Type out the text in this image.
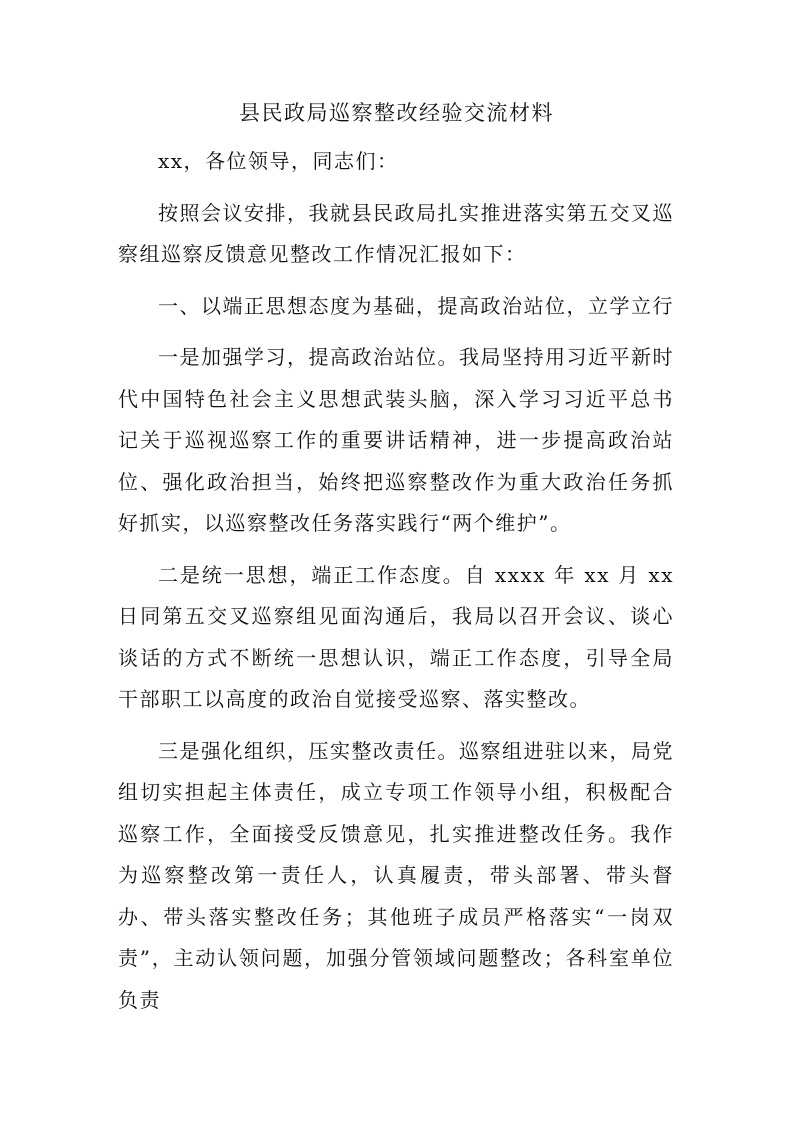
县民政局巡察整改经验交流材料

xx，各位领导，同志们：

按照会议安排，我就县民政局扎实推进落实第五交叉巡察组巡察反馈意见整改工作情况汇报如下：

一、以端正思想态度为基础，提高政治站位，立学立行

一是加强学习，提高政治站位。我局坚持用习近平新时代中国特色社会主义思想武装头脑，深入学习习近平总书记关于巡视巡察工作的重要讲话精神，进一步提高政治站位、强化政治担当，始终把巡察整改作为重大政治任务抓好抓实，以巡察整改任务落实践行“两个维护”。

二是统一思想，端正工作态度。自 xxxx 年 xx 月 xx 日同第五交叉巡察组见面沟通后，我局以召开会议、谈心谈话的方式不断统一思想认识，端正工作态度，引导全局干部职工以高度的政治自觉接受巡察、落实整改。

三是强化组织，压实整改责任。巡察组进驻以来，局党组切实担起主体责任，成立专项工作领导小组，积极配合巡察工作，全面接受反馈意见，扎实推进整改任务。我作为巡察整改第一责任人，认真履责，带头部署、带头督办、带头落实整改任务；其他班子成员严格落实“一岗双责”，主动认领问题，加强分管领域问题整改；各科室单位负责
